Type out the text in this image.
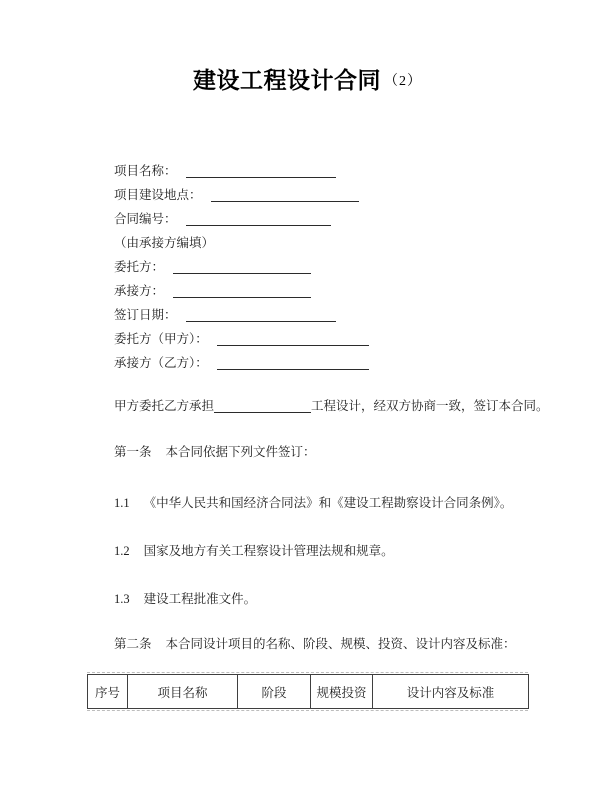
建设工程设计合同 （2）
项目名称：
项目建设地点：
合同编号：
（由承接方编填）
委托方：
承接方：
签订日期：
委托方（甲方）：
承接方（乙方）：

甲方委托乙方承担	工程设计，经双方协商一致，签订本合同。

第一条 本合同依据下列文件签订：

1.1 《中华人民共和国经济合同法》和《建设工程勘察设计合同条例》。

1.2 国家及地方有关工程察设计管理法规和规章。

1.3 建设工程批准文件。

第二条 本合同设计项目的名称、阶段、规模、投资、设计内容及标准：

序号	项目名称	阶段	规模投资	设计内容及标准
